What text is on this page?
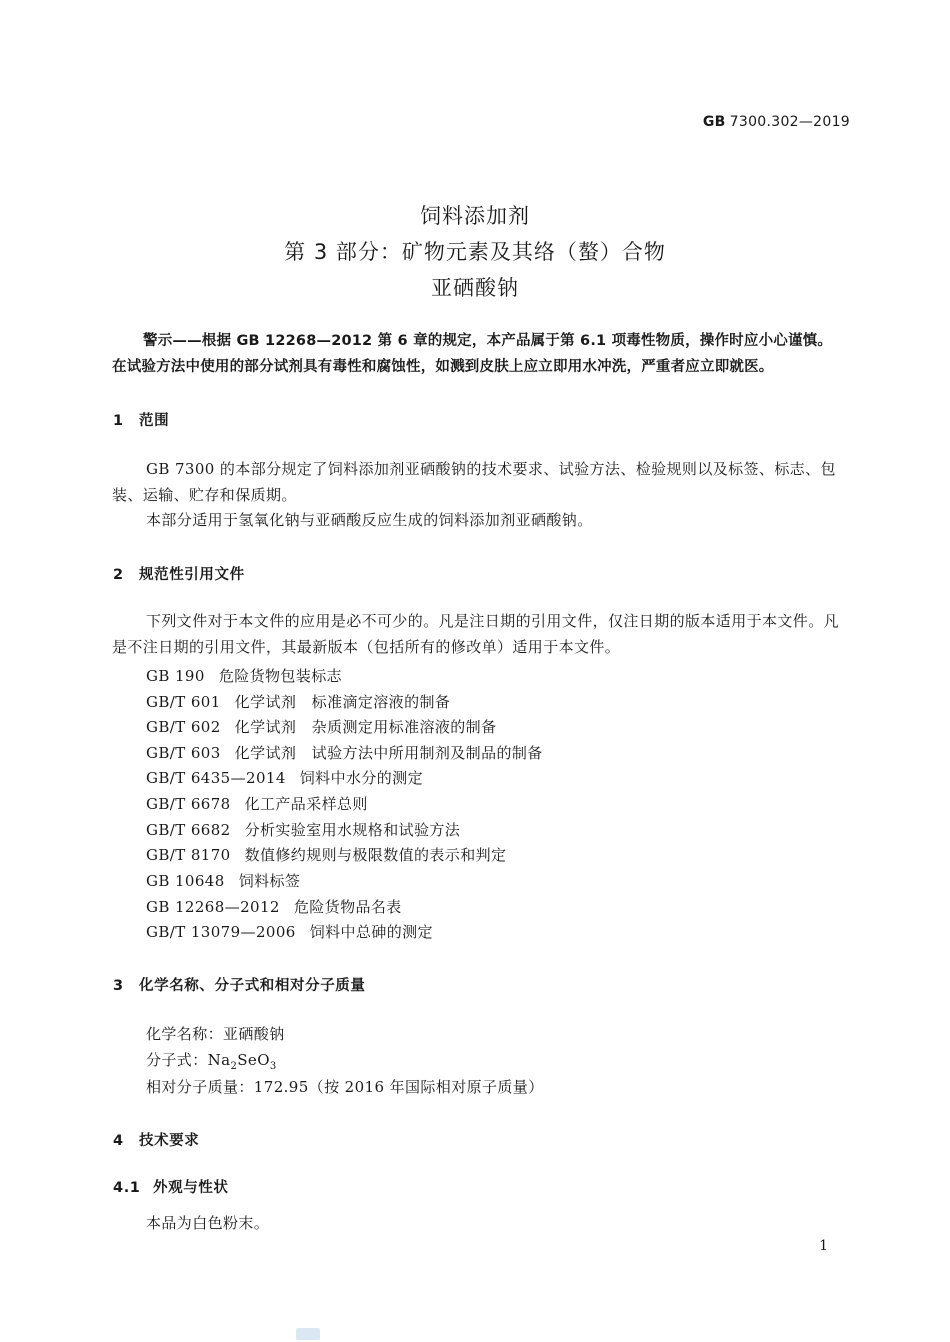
GB 7300.302—2019
饲料添加剂
第 3 部分：矿物元素及其络（螯）合物
亚硒酸钠
警示——根据 GB 12268—2012 第 6 章的规定，本产品属于第 6.1 项毒性物质，操作时应小心谨慎。
在试验方法中使用的部分试剂具有毒性和腐蚀性，如溅到皮肤上应立即用水冲洗，严重者应立即就医。
1 范围
GB 7300 的本部分规定了饲料添加剂亚硒酸钠的技术要求、试验方法、检验规则以及标签、标志、包装、运输、贮存和保质期。
本部分适用于氢氧化钠与亚硒酸反应生成的饲料添加剂亚硒酸钠。
2 规范性引用文件
下列文件对于本文件的应用是必不可少的。凡是注日期的引用文件，仅注日期的版本适用于本文件。凡是不注日期的引用文件，其最新版本（包括所有的修改单）适用于本文件。
GB 190 危险货物包装标志
GB/T 601 化学试剂　标准滴定溶液的制备
GB/T 602 化学试剂　杂质测定用标准溶液的制备
GB/T 603 化学试剂　试验方法中所用制剂及制品的制备
GB/T 6435—2014 饲料中水分的测定
GB/T 6678 化工产品采样总则
GB/T 6682 分析实验室用水规格和试验方法
GB/T 8170 数值修约规则与极限数值的表示和判定
GB 10648 饲料标签
GB 12268—2012 危险货物品名表
GB/T 13079—2006 饲料中总砷的测定
3 化学名称、分子式和相对分子质量
化学名称：亚硒酸钠
分子式：$Na_2SeO_3$
相对分子质量：172.95（按 2016 年国际相对原子质量）
4 技术要求
4.1 外观与性状
本品为白色粉末。
1
